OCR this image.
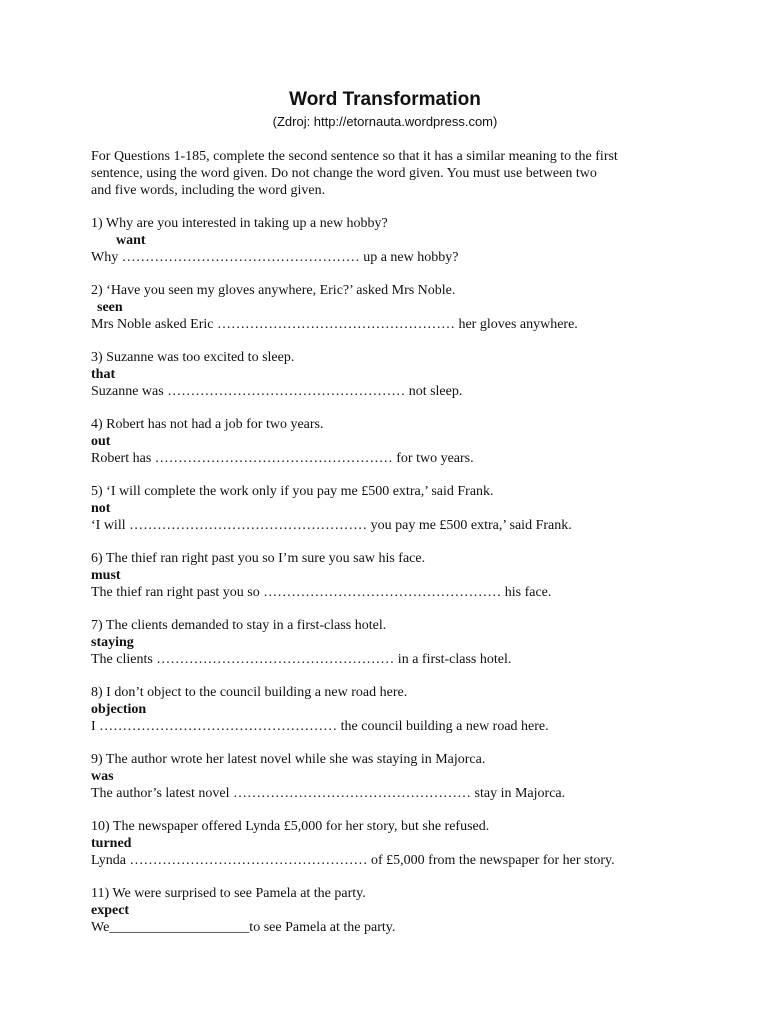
Word Transformation
(Zdroj: http://etornauta.wordpress.com)
For Questions 1-185, complete the second sentence so that it has a similar meaning to the first
sentence, using the word given. Do not change the word given. You must use between two
and five words, including the word given.
1) Why are you interested in taking up a new hobby?
want
Why …………………………………………… up a new hobby?
2) ‘Have you seen my gloves anywhere, Eric?’ asked Mrs Noble.
seen
Mrs Noble asked Eric …………………………………………… her gloves anywhere.
3) Suzanne was too excited to sleep.
that
Suzanne was …………………………………………… not sleep.
4) Robert has not had a job for two years.
out
Robert has …………………………………………… for two years.
5) ‘I will complete the work only if you pay me £500 extra,’ said Frank.
not
‘I will …………………………………………… you pay me £500 extra,’ said Frank.
6) The thief ran right past you so I’m sure you saw his face.
must
The thief ran right past you so …………………………………………… his face.
7) The clients demanded to stay in a first-class hotel.
staying
The clients …………………………………………… in a first-class hotel.
8) I don’t object to the council building a new road here.
objection
I …………………………………………… the council building a new road here.
9) The author wrote her latest novel while she was staying in Majorca.
was
The author’s latest novel …………………………………………… stay in Majorca.
10) The newspaper offered Lynda £5,000 for her story, but she refused.
turned
Lynda …………………………………………… of £5,000 from the newspaper for her story.
11) We were surprised to see Pamela at the party.
expect
We____________________to see Pamela at the party.
